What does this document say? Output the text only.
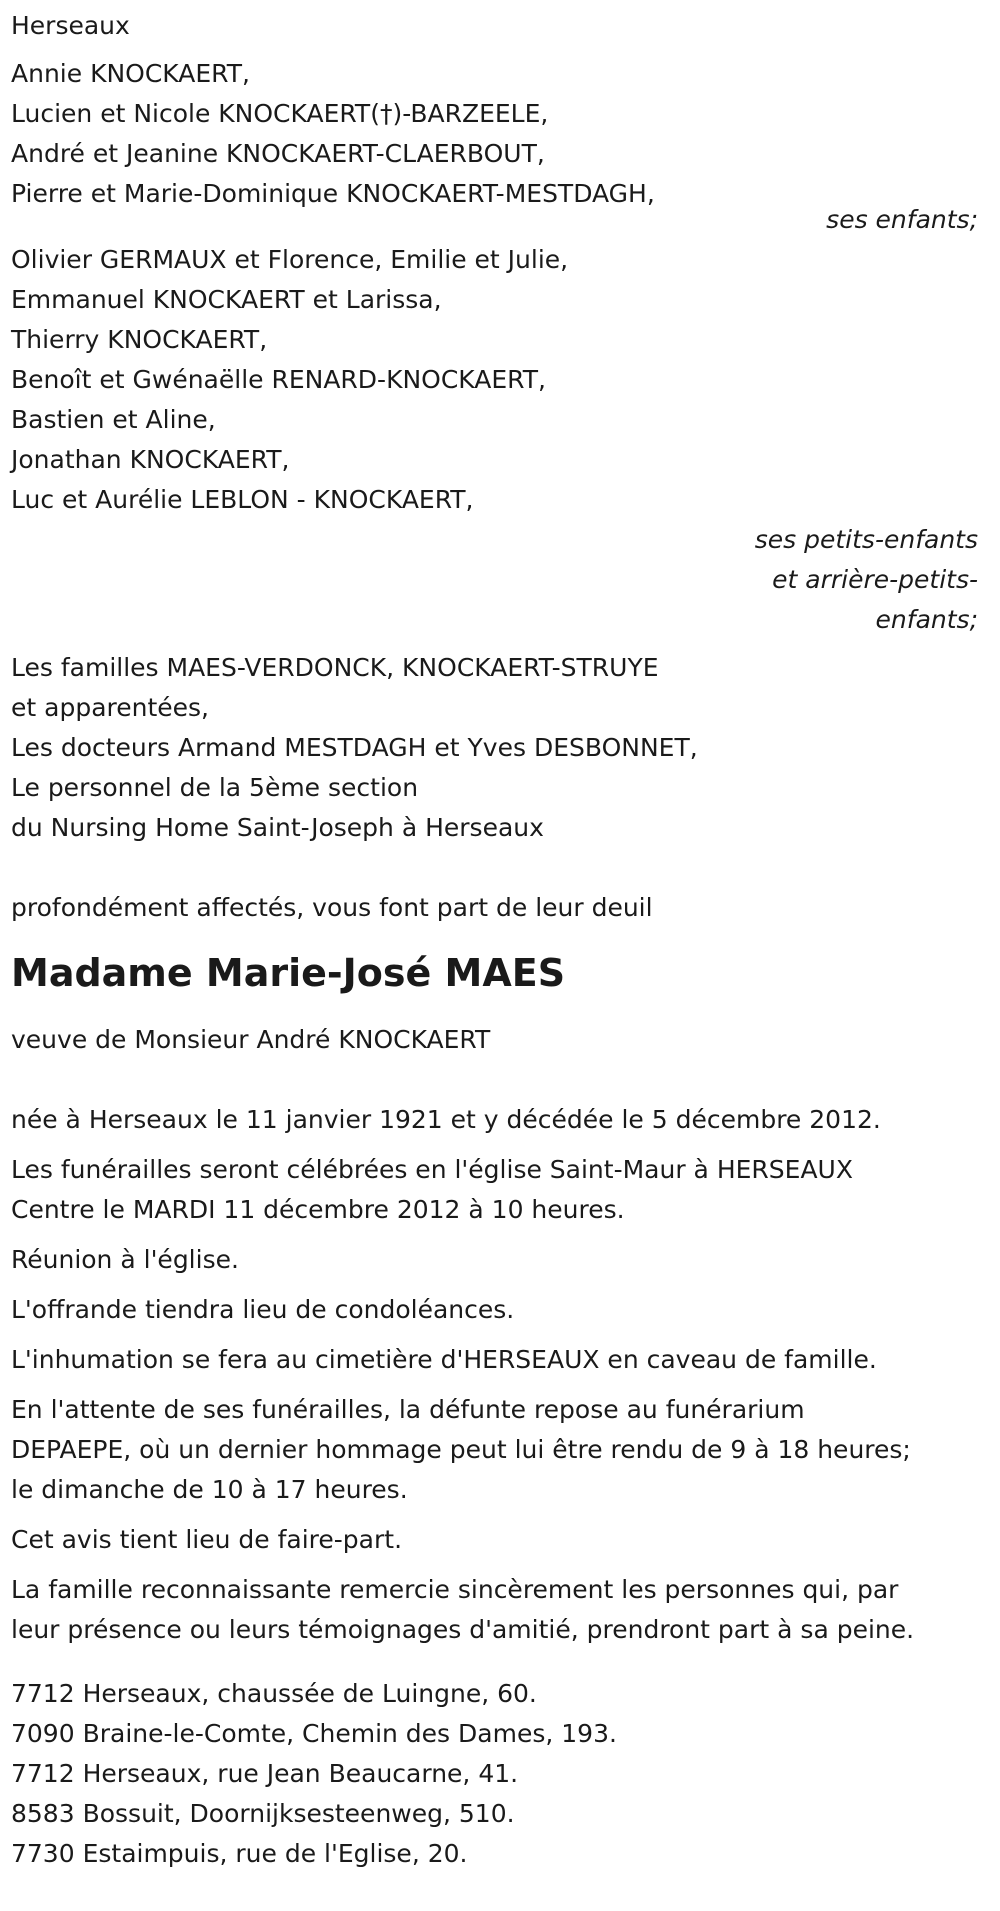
Herseaux
Annie KNOCKAERT,
Lucien et Nicole KNOCKAERT(†)-BARZEELE,
André et Jeanine KNOCKAERT-CLAERBOUT,
Pierre et Marie-Dominique KNOCKAERT-MESTDAGH,
ses enfants;
Olivier GERMAUX et Florence, Emilie et Julie,
Emmanuel KNOCKAERT et Larissa,
Thierry KNOCKAERT,
Benoît et Gwénaëlle RENARD-KNOCKAERT,
Bastien et Aline,
Jonathan KNOCKAERT,
Luc et Aurélie LEBLON - KNOCKAERT,
ses petits-enfants
et arrière-petits-
enfants;
Les familles MAES-VERDONCK, KNOCKAERT-STRUYE
et apparentées,
Les docteurs Armand MESTDAGH et Yves DESBONNET,
Le personnel de la 5ème section
du Nursing Home Saint-Joseph à Herseaux
profondément affectés, vous font part de leur deuil
Madame Marie-José MAES
veuve de Monsieur André KNOCKAERT
née à Herseaux le 11 janvier 1921 et y décédée le 5 décembre 2012.
Les funérailles seront célébrées en l'église Saint-Maur à HERSEAUX
Centre le MARDI 11 décembre 2012 à 10 heures.
Réunion à l'église.
L'offrande tiendra lieu de condoléances.
L'inhumation se fera au cimetière d'HERSEAUX en caveau de famille.
En l'attente de ses funérailles, la défunte repose au funérarium
DEPAEPE, où un dernier hommage peut lui être rendu de 9 à 18 heures;
le dimanche de 10 à 17 heures.
Cet avis tient lieu de faire-part.
La famille reconnaissante remercie sincèrement les personnes qui, par
leur présence ou leurs témoignages d'amitié, prendront part à sa peine.
7712 Herseaux, chaussée de Luingne, 60.
7090 Braine-le-Comte, Chemin des Dames, 193.
7712 Herseaux, rue Jean Beaucarne, 41.
8583 Bossuit, Doornijksesteenweg, 510.
7730 Estaimpuis, rue de l'Eglise, 20.
